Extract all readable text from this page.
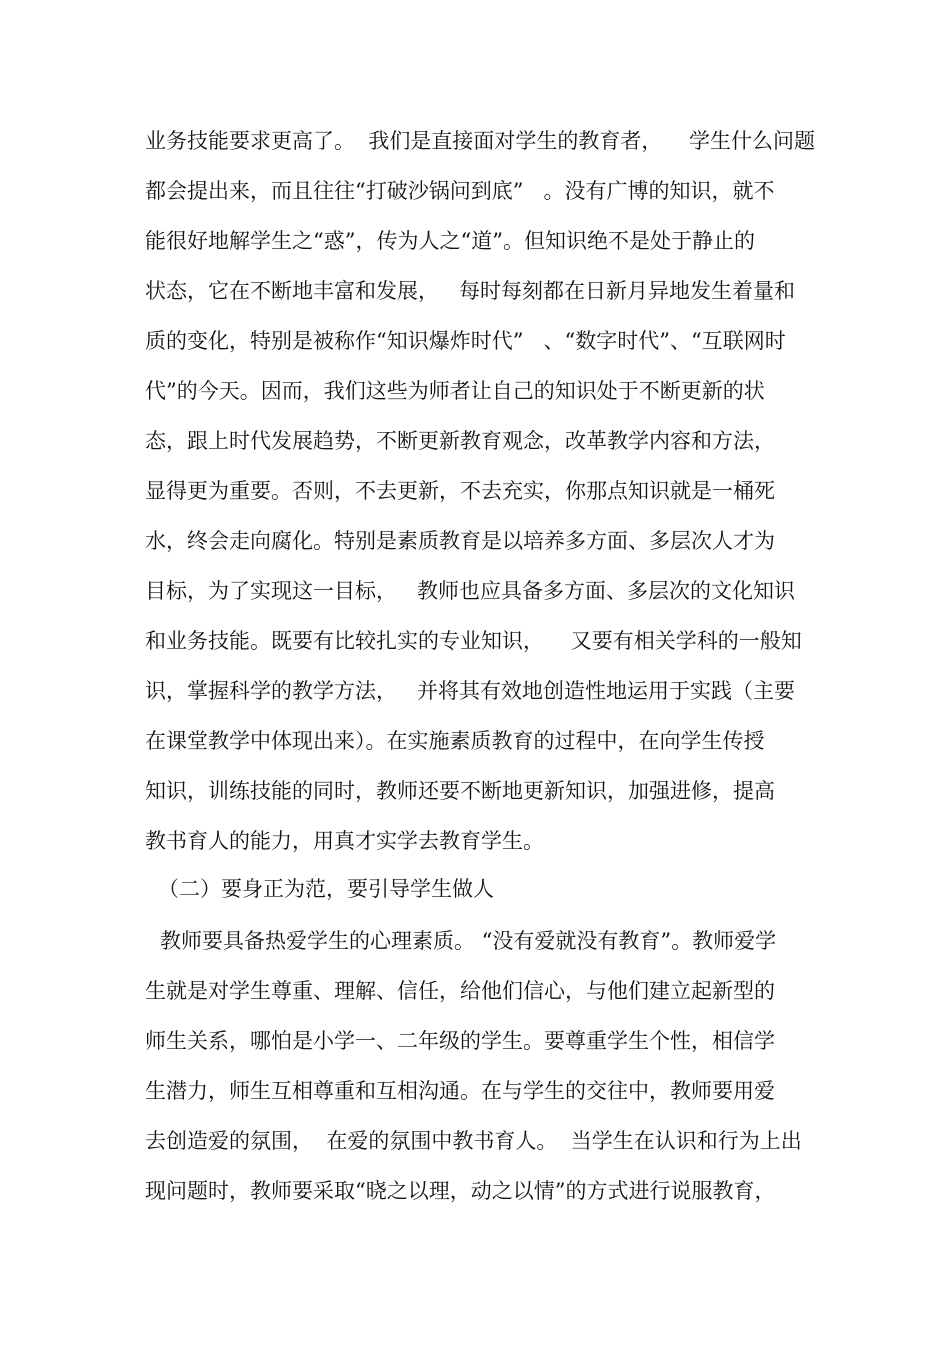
业务技能要求更高了。  我们是直接面对学生的教育者，    学生什么问题

都会提出来，而且往往“打破沙锅问到底”   。没有广博的知识，就不

能很好地解学生之“惑”，传为人之“道”。但知识绝不是处于静止的

状态，它在不断地丰富和发展，   每时每刻都在日新月异地发生着量和

质的变化，特别是被称作“知识爆炸时代”   、“数字时代”、“互联网时

代”的今天。因而，我们这些为师者让自己的知识处于不断更新的状

态，跟上时代发展趋势，不断更新教育观念，改革教学内容和方法，

显得更为重要。否则，不去更新，不去充实，你那点知识就是一桶死

水，终会走向腐化。特别是素质教育是以培养多方面、多层次人才为

目标，为了实现这一目标，   教师也应具备多方面、多层次的文化知识

和业务技能。既要有比较扎实的专业知识，    又要有相关学科的一般知

识，掌握科学的教学方法，   并将其有效地创造性地运用于实践（主要

在课堂教学中体现出来）。在实施素质教育的过程中，在向学生传授

知识，训练技能的同时，教师还要不断地更新知识，加强进修，提高

教书育人的能力，用真才实学去教育学生。

（二）要身正为范，要引导学生做人

教师要具备热爱学生的心理素质。 “没有爱就没有教育”。教师爱学

生就是对学生尊重、理解、信任，给他们信心，与他们建立起新型的

师生关系，哪怕是小学一、二年级的学生。要尊重学生个性，相信学

生潜力，师生互相尊重和互相沟通。在与学生的交往中，教师要用爱

去创造爱的氛围，  在爱的氛围中教书育人。  当学生在认识和行为上出

现问题时，教师要采取“晓之以理，动之以情”的方式进行说服教育，
